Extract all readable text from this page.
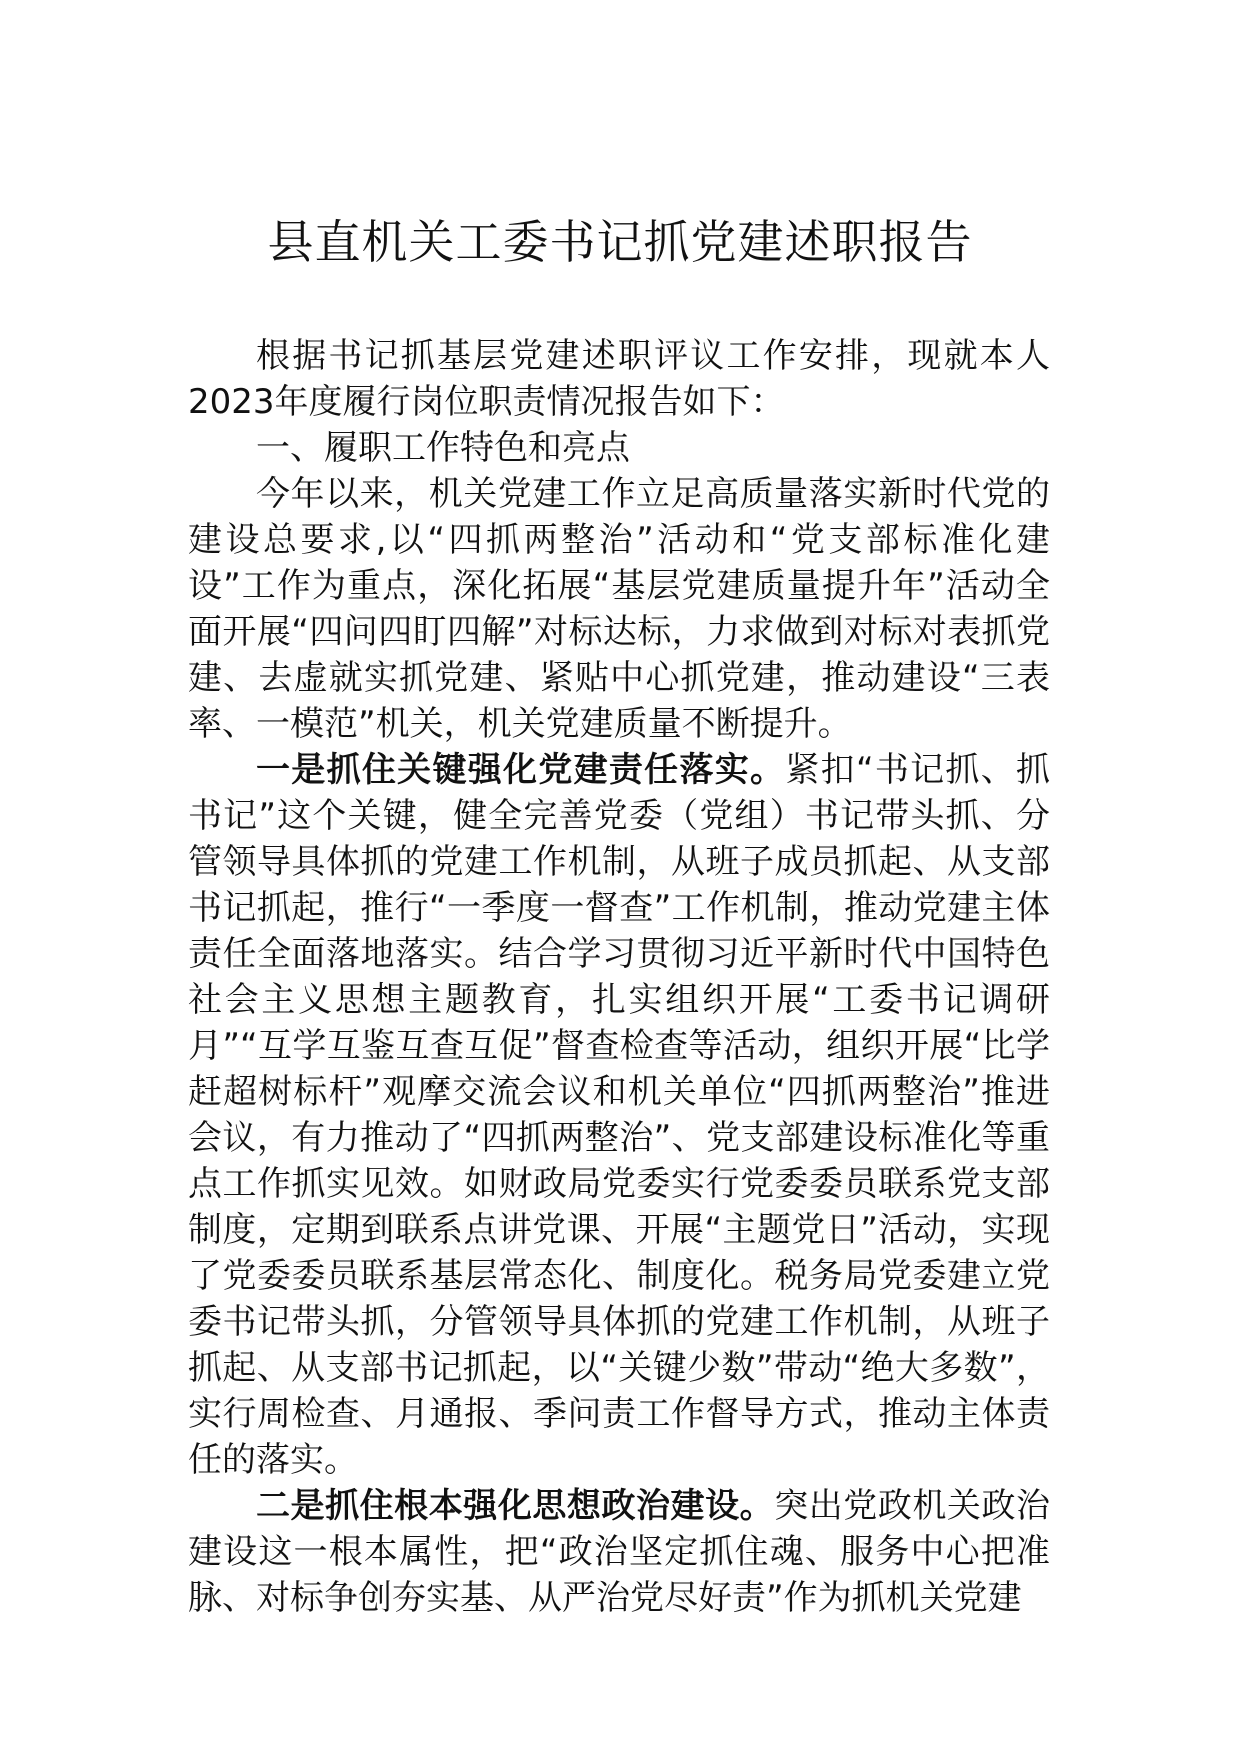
县直机关工委书记抓党建述职报告

根据书记抓基层党建述职评议工作安排，现就本人2023年度履行岗位职责情况报告如下：

一、履职工作特色和亮点

今年以来，机关党建工作立足高质量落实新时代党的建设总要求,以“四抓两整治”活动和“党支部标准化建设”工作为重点，深化拓展“基层党建质量提升年”活动全面开展“四问四盯四解”对标达标，力求做到对标对表抓党建、去虚就实抓党建、紧贴中心抓党建，推动建设“三表率、一模范”机关，机关党建质量不断提升。

一是抓住关键强化党建责任落实。紧扣“书记抓、抓书记”这个关键，健全完善党委（党组）书记带头抓、分管领导具体抓的党建工作机制，从班子成员抓起、从支部书记抓起，推行“一季度一督查”工作机制，推动党建主体责任全面落地落实。结合学习贯彻习近平新时代中国特色社会主义思想主题教育，扎实组织开展“工委书记调研月”“互学互鉴互查互促”督查检查等活动，组织开展“比学赶超树标杆”观摩交流会议和机关单位“四抓两整治”推进会议，有力推动了“四抓两整治”、党支部建设标准化等重点工作抓实见效。如财政局党委实行党委委员联系党支部制度，定期到联系点讲党课、开展“主题党日”活动，实现了党委委员联系基层常态化、制度化。税务局党委建立党委书记带头抓，分管领导具体抓的党建工作机制，从班子抓起、从支部书记抓起，以“关键少数”带动“绝大多数”，实行周检查、月通报、季问责工作督导方式，推动主体责任的落实。

二是抓住根本强化思想政治建设。突出党政机关政治建设这一根本属性，把“政治坚定抓住魂、服务中心把准脉、对标争创夯实基、从严治党尽好责”作为抓机关党建
